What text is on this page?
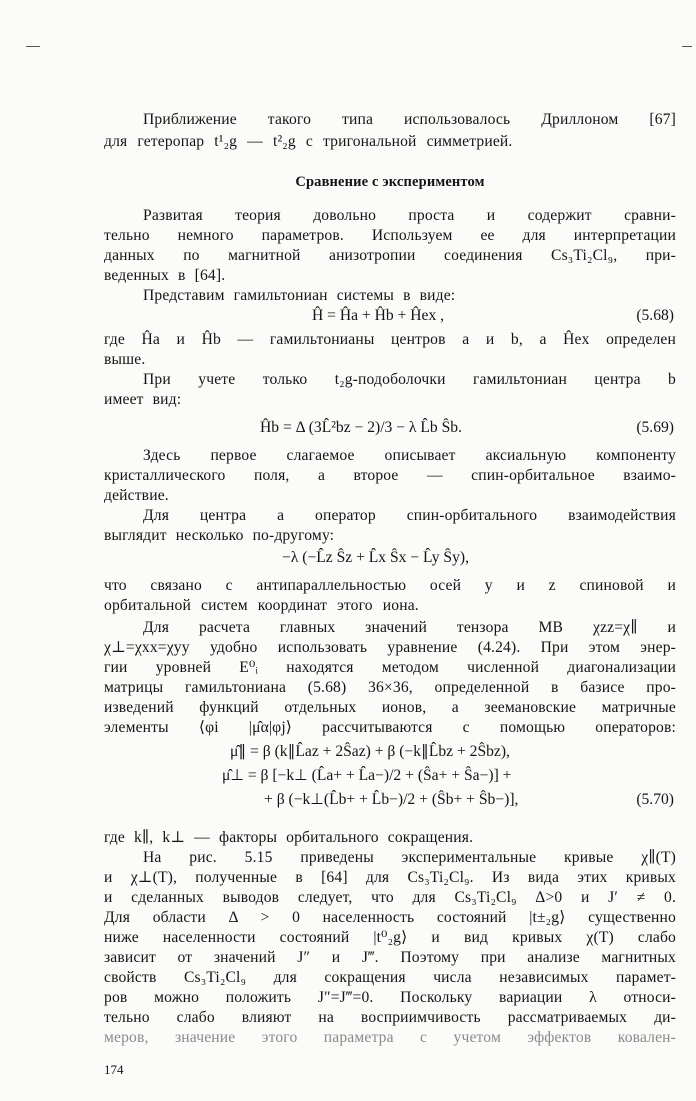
Приближение такого типа использовалось Дриллоном [67]
для гетеропар t¹₂g — t²₂g с тригональной симметрией.
Сравнение с экспериментом
Развитая теория довольно проста и содержит сравни-
тельно немного параметров. Используем ее для интерпретации
данных по магнитной анизотропии соединения Cs₃Ti₂Cl₉, при-
веденных в [64].
Представим гамильтониан системы в виде:
Ĥ = Ĥa + Ĥb + Ĥex ,	(5.68)
где Ĥa и Ĥb — гамильтонианы центров a и b, а Ĥex определен
выше.
При учете только t₂g-подоболочки гамильтониан центра b
имеет вид:
Ĥb = Δ (3L̂²bz − 2)/3 − λ L̂b Ŝb.	(5.69)
Здесь первое слагаемое описывает аксиальную компоненту
кристаллического поля, а второе — спин-орбитальное взаимо-
действие.
Для центра a оператор спин-орбитального взаимодействия
выглядит несколько по-другому:
−λ (−L̂z Ŝz + L̂x Ŝx − L̂y Ŝy),
что связано с антипараллельностью осей y и z спиновой и
орбитальной систем координат этого иона.
Для расчета главных значений тензора МВ χzz=χ∥ и
χ⊥=χxx=χyy удобно использовать уравнение (4.24). При этом энер-
гии уровней E⁰ᵢ находятся методом численной диагонализации
матрицы гамильтониана (5.68) 36×36, определенной в базисе про-
изведений функций отдельных ионов, а зеемановские матричные
элементы ⟨φi |μ̂α|φj⟩ рассчитываются с помощью операторов:
μ̂∥ = β (k∥L̂az + 2Ŝaz) + β (−k∥L̂bz + 2Ŝbz),
μ̂⊥ = β [−k⊥ (L̂a+ + L̂a−)/2 + (Ŝa+ + Ŝa−)] +
+ β (−k⊥(L̂b+ + L̂b−)/2 + (Ŝb+ + Ŝb−)],	(5.70)
где k∥, k⊥ — факторы орбитального сокращения.
На рис. 5.15 приведены экспериментальные кривые χ∥(T)
и χ⊥(T), полученные в [64] для Cs₃Ti₂Cl₉. Из вида этих кривых
и сделанных выводов следует, что для Cs₃Ti₂Cl₉ Δ>0 и J′ ≠ 0.
Для области Δ > 0 населенность состояний |t±₂g⟩ существенно
ниже населенности состояний |t⁰₂g⟩ и вид кривых χ(T) слабо
зависит от значений J″ и J‴. Поэтому при анализе магнитных
свойств Cs₃Ti₂Cl₉ для сокращения числа независимых парамет-
ров можно положить J″=J‴=0. Поскольку вариации λ относи-
тельно слабо влияют на восприимчивость рассматриваемых ди-
меров, значение этого параметра с учетом эффектов ковален-
174
